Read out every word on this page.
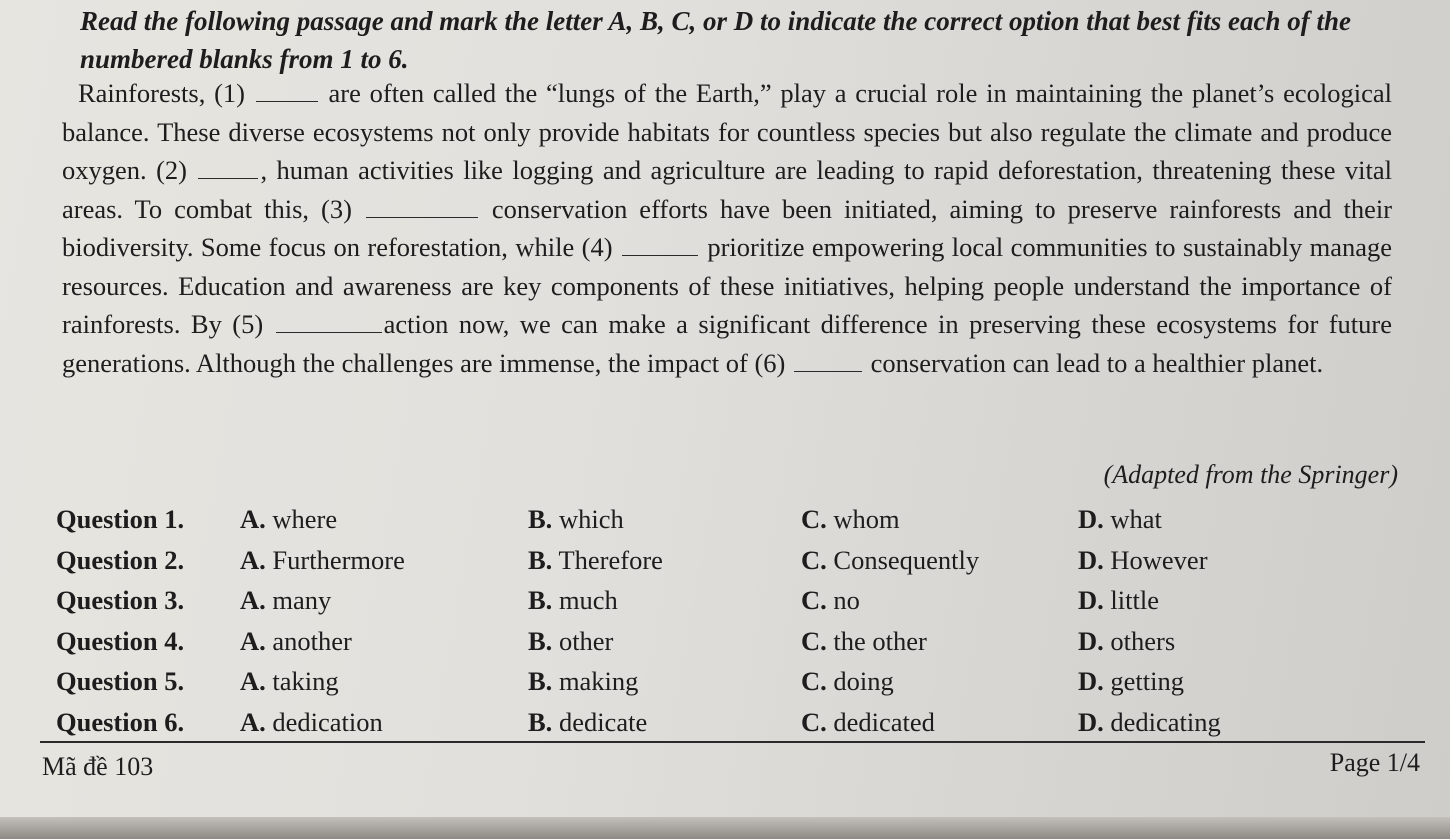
Read the following passage and mark the letter A, B, C, or D to indicate the correct option that best fits each of the numbered blanks from 1 to 6.

Rainforests, (1)	are often called the “lungs of the Earth,” play a crucial role in maintaining the planet’s ecological balance. These diverse ecosystems not only provide habitats for countless species but also regulate the climate and produce oxygen. (2)	, human activities like logging and agriculture are leading to rapid deforestation, threatening these vital areas. To combat this, (3)	conservation efforts have been initiated, aiming to preserve rainforests and their biodiversity. Some focus on reforestation, while (4)	prioritize empowering local communities to sustainably manage resources. Education and awareness are key components of these initiatives, helping people understand the importance of rainforests. By (5)	action now, we can make a significant difference in preserving these ecosystems for future generations. Although the challenges are immense, the impact of (6)	conservation can lead to a healthier planet.

(Adapted from the Springer)
Question 1. A. where	B. which	C. whom	D. what
Question 2. A. Furthermore	B. Therefore	C. Consequently	D. However
Question 3. A. many	B. much	C. no	D. little
Question 4. A. another	B. other	C. the other	D. others
Question 5. A. taking	B. making	C. doing	D. getting
Question 6. A. dedication	B. dedicate	C. dedicated	D. dedicating
Mã đề 103	Page 1/4
